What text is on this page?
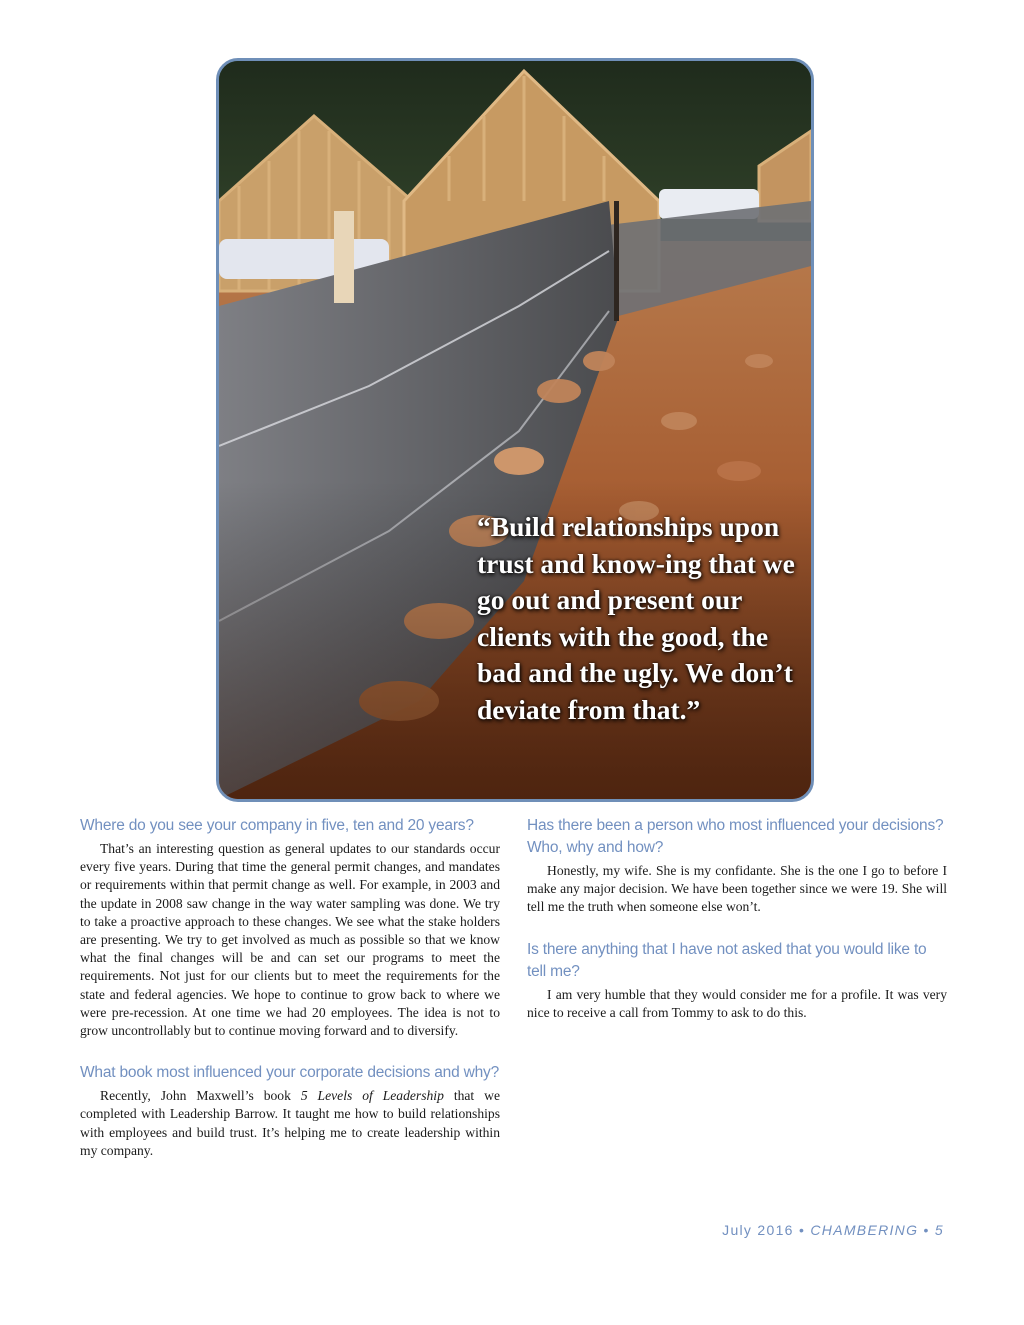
“Build relationships upon trust and know-ing that we go out and present our clients with the good, the bad and the ugly. We don’t deviate from that.”

Where do you see your company in five, ten and 20 years?

That’s an interesting question as general updates to our standards occur every five years. During that time the general permit changes, and mandates or requirements within that permit change as well. For example, in 2003 and the update in 2008 saw change in the way water sampling was done. We try to take a proactive approach to these changes. We see what the stake holders are presenting. We try to get involved as much as possible so that we know what the final changes will be and can set our programs to meet the requirements. Not just for our clients but to meet the requirements for the state and federal agencies. We hope to continue to grow back to where we were pre-recession. At one time we had 20 employees. The idea is not to grow uncontrollably but to continue moving forward and to diversify.

What book most influenced your corporate decisions and why?

Recently, John Maxwell’s book 5 Levels of Leadership that we completed with Leadership Barrow. It taught me how to build relationships with employees and build trust. It’s helping me to create leadership within my company.

Has there been a person who most influenced your decisions? Who, why and how?

Honestly, my wife. She is my confidante. She is the one I go to before I make any major decision. We have been together since we were 19. She will tell me the truth when someone else won’t.

Is there anything that I have not asked that you would like to tell me?

I am very humble that they would consider me for a profile. It was very nice to receive a call from Tommy to ask to do this.

July 2016 • CHAMBERING • 5
